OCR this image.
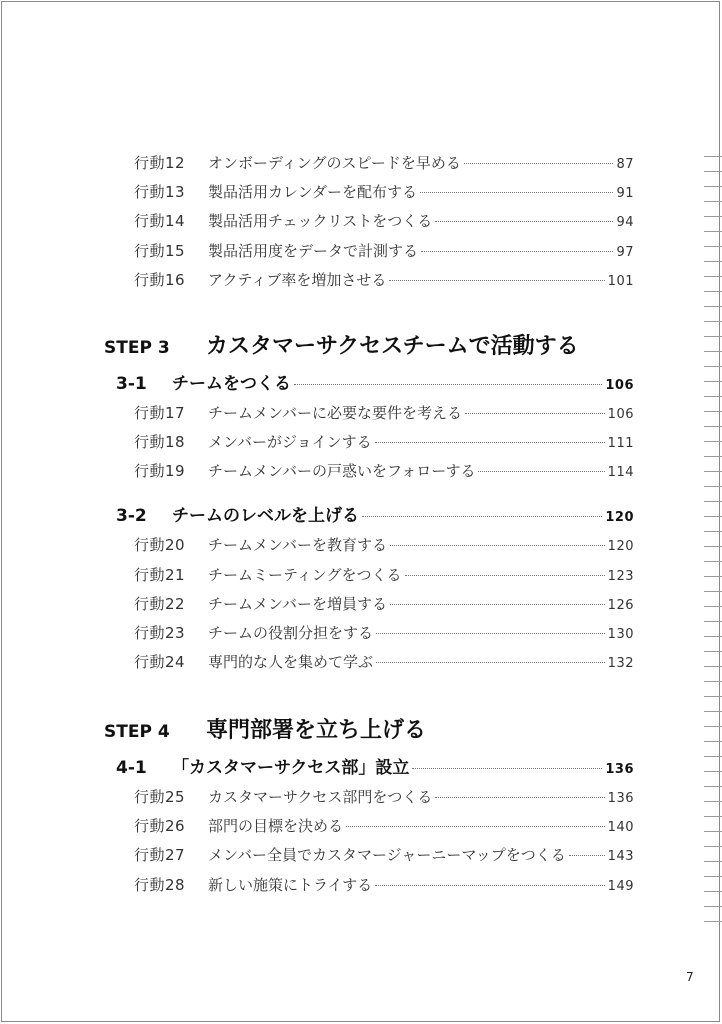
行動12	オンボーディングのスピードを早める	87
行動13	製品活用カレンダーを配布する	91
行動14	製品活用チェックリストをつくる	94
行動15	製品活用度をデータで計測する	97
行動16	アクティブ率を増加させる	101
STEP 3	カスタマーサクセスチームで活動する
3-1	チームをつくる	106
行動17	チームメンバーに必要な要件を考える	106
行動18	メンバーがジョインする	111
行動19	チームメンバーの戸惑いをフォローする	114
3-2	チームのレベルを上げる	120
行動20	チームメンバーを教育する	120
行動21	チームミーティングをつくる	123
行動22	チームメンバーを増員する	126
行動23	チームの役割分担をする	130
行動24	専門的な人を集めて学ぶ	132
STEP 4	専門部署を立ち上げる
4-1	「カスタマーサクセス部」設立	136
行動25	カスタマーサクセス部門をつくる	136
行動26	部門の目標を決める	140
行動27	メンバー全員でカスタマージャーニーマップをつくる	143
行動28	新しい施策にトライする	149
7
